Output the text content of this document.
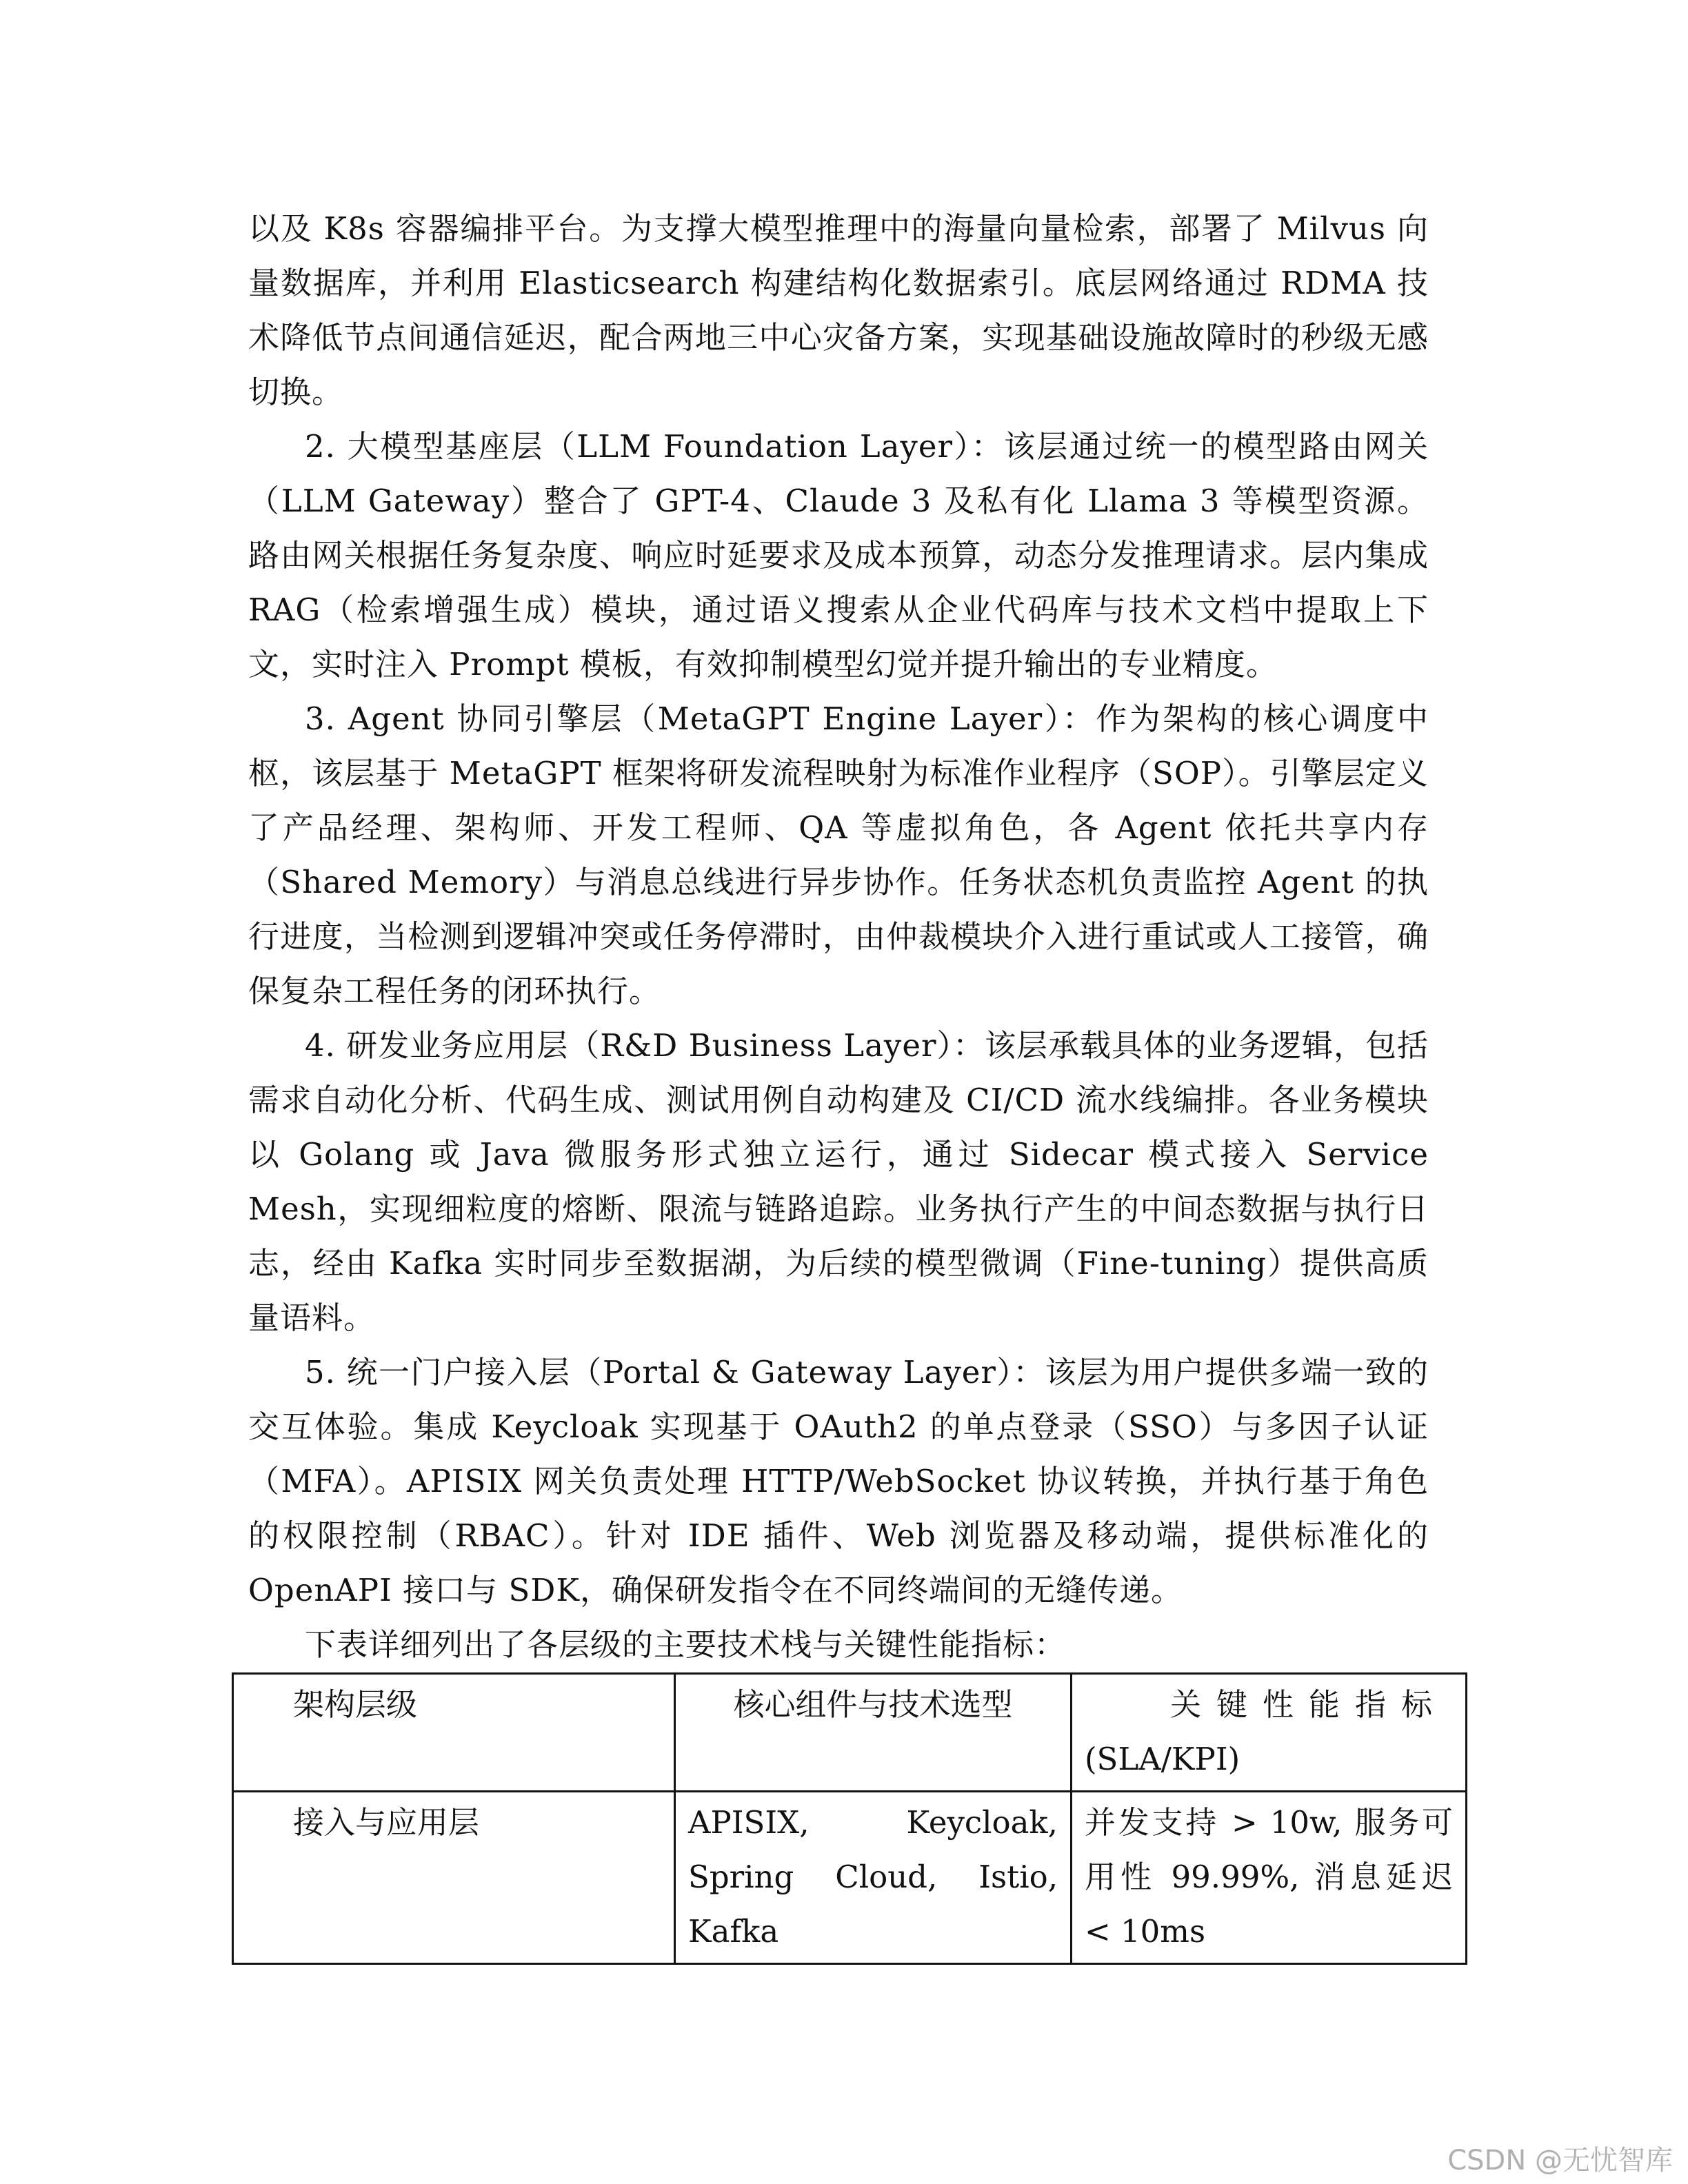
以及 K8s 容器编排平台。为支撑大模型推理中的海量向量检索，部署了 Milvus 向量数据库，并利用 Elasticsearch 构建结构化数据索引。底层网络通过 RDMA 技术降低节点间通信延迟，配合两地三中心灾备方案，实现基础设施故障时的秒级无感切换。

2. 大模型基座层（LLM Foundation Layer）：该层通过统一的模型路由网关（LLM Gateway）整合了 GPT-4、Claude 3 及私有化 Llama 3 等模型资源。路由网关根据任务复杂度、响应时延要求及成本预算，动态分发推理请求。层内集成 RAG（检索增强生成）模块，通过语义搜索从企业代码库与技术文档中提取上下文，实时注入 Prompt 模板，有效抑制模型幻觉并提升输出的专业精度。

3. Agent 协同引擎层（MetaGPT Engine Layer）：作为架构的核心调度中枢，该层基于 MetaGPT 框架将研发流程映射为标准作业程序（SOP）。引擎层定义了产品经理、架构师、开发工程师、QA 等虚拟角色，各 Agent 依托共享内存（Shared Memory）与消息总线进行异步协作。任务状态机负责监控 Agent 的执行进度，当检测到逻辑冲突或任务停滞时，由仲裁模块介入进行重试或人工接管，确保复杂工程任务的闭环执行。

4. 研发业务应用层（R&D Business Layer）：该层承载具体的业务逻辑，包括需求自动化分析、代码生成、测试用例自动构建及 CI/CD 流水线编排。各业务模块以 Golang 或 Java 微服务形式独立运行，通过 Sidecar 模式接入 Service Mesh，实现细粒度的熔断、限流与链路追踪。业务执行产生的中间态数据与执行日志，经由 Kafka 实时同步至数据湖，为后续的模型微调（Fine-tuning）提供高质量语料。

5. 统一门户接入层（Portal & Gateway Layer）：该层为用户提供多端一致的交互体验。集成 Keycloak 实现基于 OAuth2 的单点登录（SSO）与多因子认证（MFA）。APISIX 网关负责处理 HTTP/WebSocket 协议转换，并执行基于角色的权限控制（RBAC）。针对 IDE 插件、Web 浏览器及移动端，提供标准化的 OpenAPI 接口与 SDK，确保研发指令在不同终端间的无缝传递。

下表详细列出了各层级的主要技术栈与关键性能指标：

架构层级	核心组件与技术选型	关键性能指标
(SLA/KPI)
接入与应用层	APISIX, Keycloak, Spring Cloud, Istio, Kafka	并发支持 > 10w, 服务可用性 99.99%, 消息延迟 < 10ms
CSDN @无忧智库
